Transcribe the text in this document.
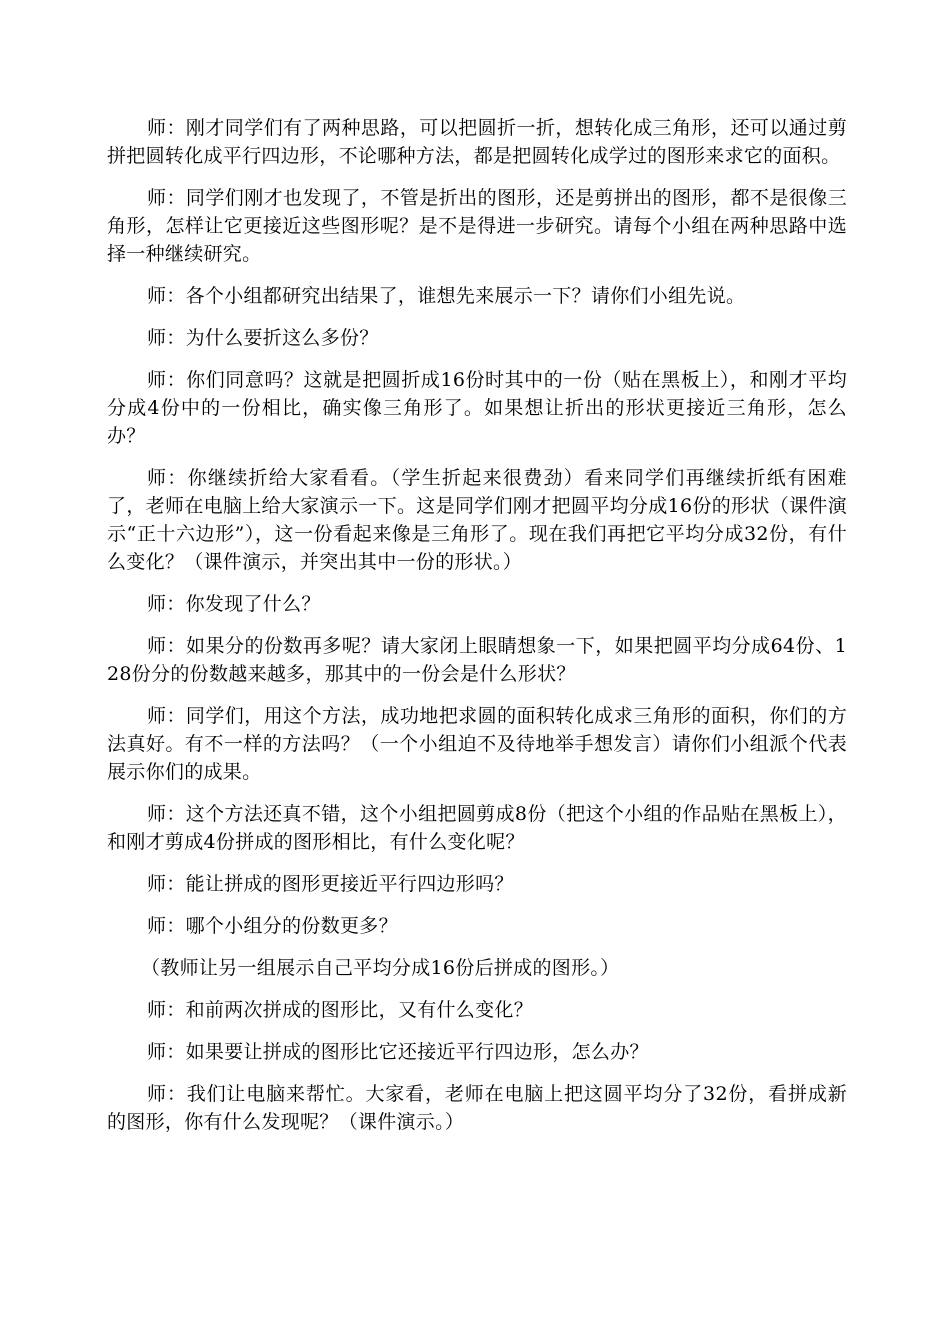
师：刚才同学们有了两种思路，可以把圆折一折，想转化成三角形，还可以通过剪拼把圆转化成平行四边形，不论哪种方法，都是把圆转化成学过的图形来求它的面积。

师：同学们刚才也发现了，不管是折出的图形，还是剪拼出的图形，都不是很像三角形，怎样让它更接近这些图形呢？是不是得进一步研究。请每个小组在两种思路中选择一种继续研究。

师：各个小组都研究出结果了，谁想先来展示一下？请你们小组先说。

师：为什么要折这么多份？

师：你们同意吗？这就是把圆折成16份时其中的一份（贴在黑板上），和刚才平均分成4份中的一份相比，确实像三角形了。如果想让折出的形状更接近三角形，怎么办？

师：你继续折给大家看看。（学生折起来很费劲）看来同学们再继续折纸有困难了，老师在电脑上给大家演示一下。这是同学们刚才把圆平均分成16份的形状（课件演示“正十六边形”），这一份看起来像是三角形了。现在我们再把它平均分成32份，有什么变化？（课件演示，并突出其中一份的形状。）

师：你发现了什么？

师：如果分的份数再多呢？请大家闭上眼睛想象一下，如果把圆平均分成64份、128份分的份数越来越多，那其中的一份会是什么形状？

师：同学们，用这个方法，成功地把求圆的面积转化成求三角形的面积，你们的方法真好。有不一样的方法吗？（一个小组迫不及待地举手想发言）请你们小组派个代表展示你们的成果。

师：这个方法还真不错，这个小组把圆剪成8份（把这个小组的作品贴在黑板上），和刚才剪成4份拼成的图形相比，有什么变化呢？

师：能让拼成的图形更接近平行四边形吗？

师：哪个小组分的份数更多？

（教师让另一组展示自己平均分成16份后拼成的图形。）

师：和前两次拼成的图形比，又有什么变化？

师：如果要让拼成的图形比它还接近平行四边形，怎么办？

师：我们让电脑来帮忙。大家看，老师在电脑上把这圆平均分了32份，看拼成新的图形，你有什么发现呢？（课件演示。）
